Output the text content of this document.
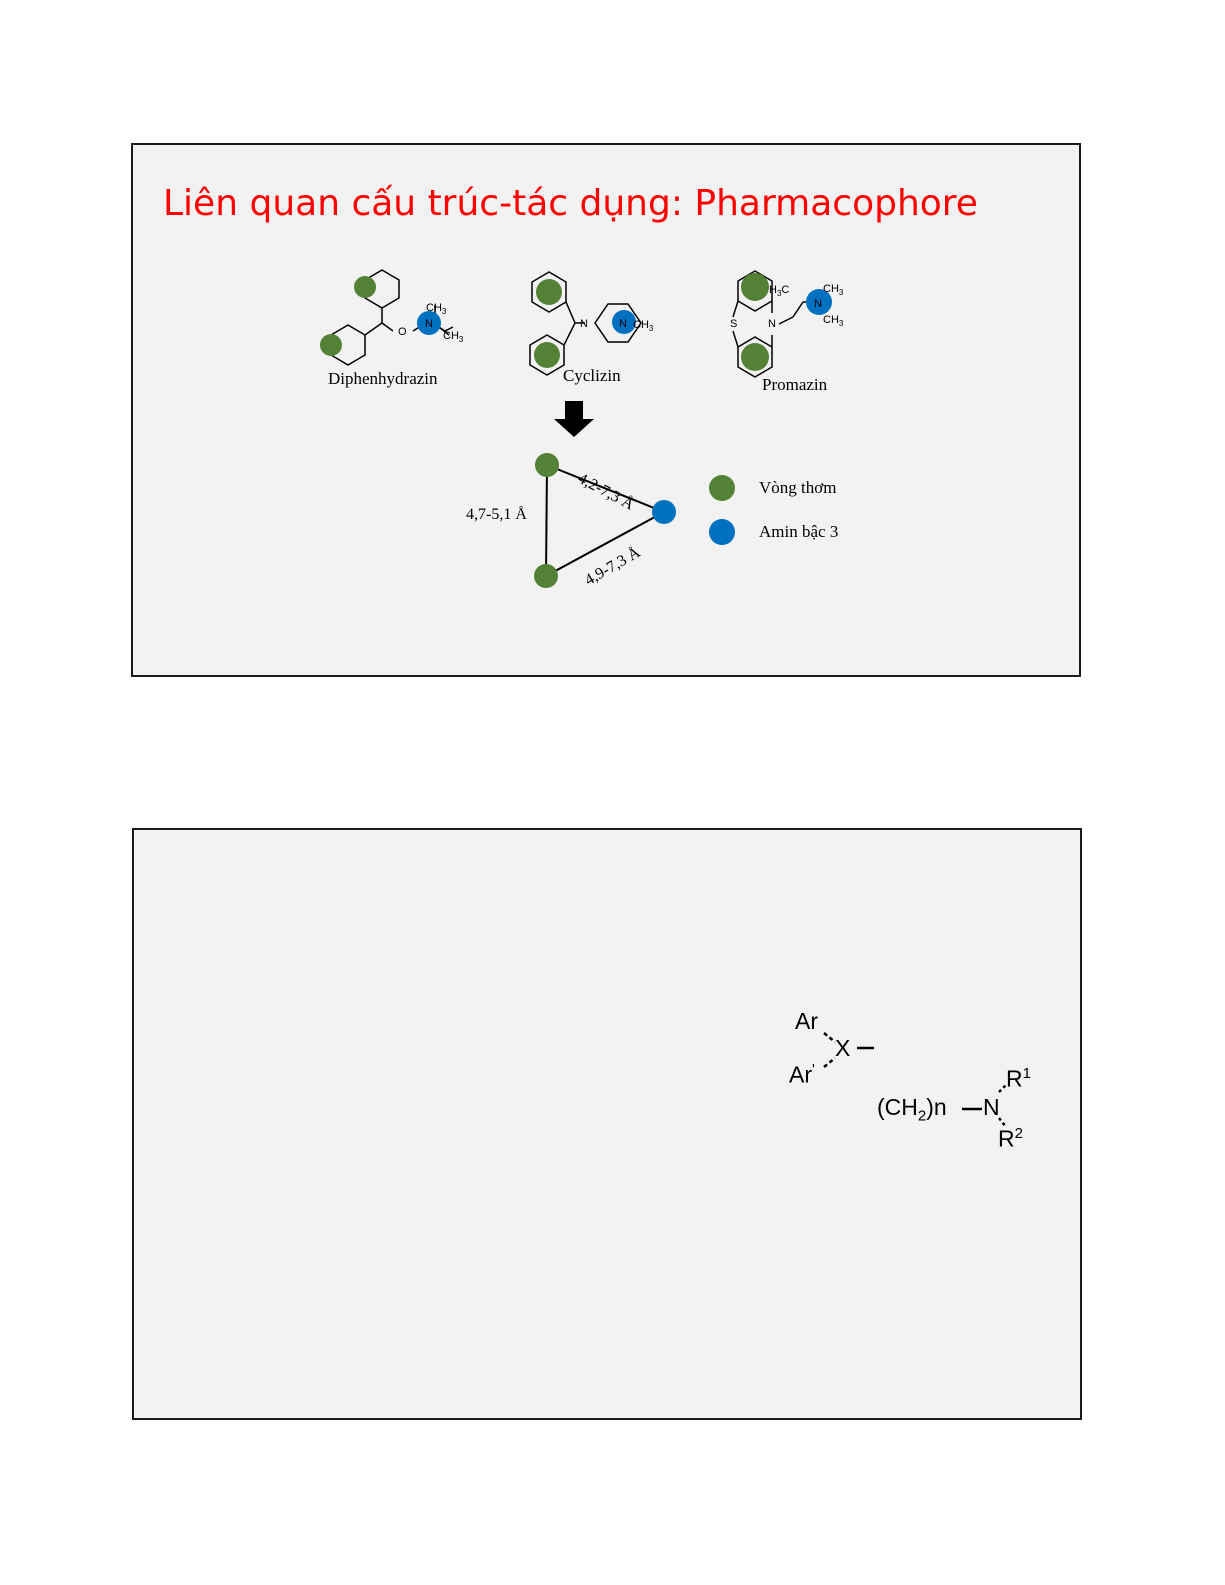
Liên quan cấu trúc-tác dụng: Pharmacophore
O
N
$CH_3$
$CH_3$
N	N $CH_3$	S	N
$H_3C$
N
$CH_3$
$CH_3$
Diphenhydrazin	Cyclizin	Promazin
4,2-7,3 Å
4,7-5,1 Å
4,9-7,3 Å
Vòng thơm
Amin bậc 3
Ar
Ar'
X
$(CH_2)n$ N
$R^1$
$R^2$
